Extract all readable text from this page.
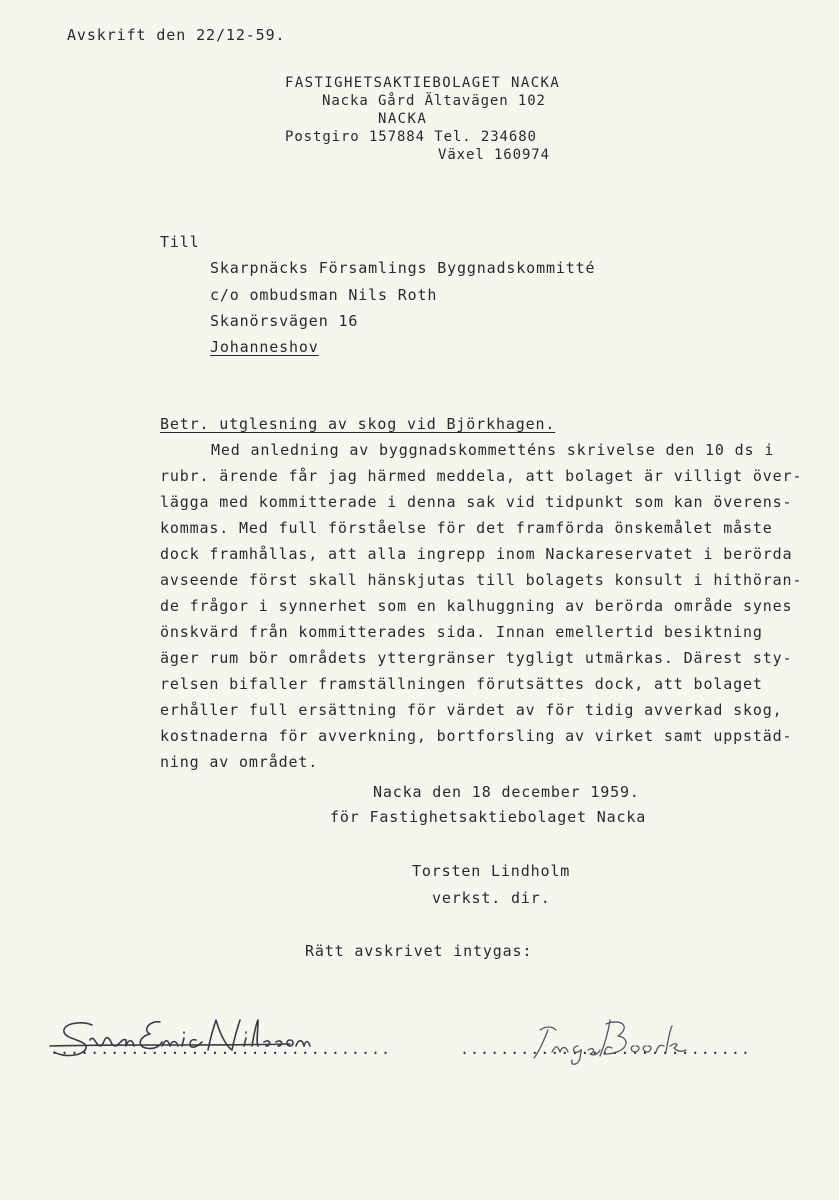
Avskrift den 22/12-59.
FASTIGHETSAKTIEBOLAGET NACKA
Nacka Gård Ältavägen 102
NACKA
Postgiro 157884 Tel. 234680
Växel 160974
Till
Skarpnäcks Församlings Byggnadskommitté
c/o ombudsman Nils Roth
Skanörsvägen 16
Johanneshov
Betr. utglesning av skog vid Björkhagen.
Med anledning av byggnadskommetténs skrivelse den 10 ds i
rubr. ärende får jag härmed meddela, att bolaget är villigt över-
lägga med kommitterade i denna sak vid tidpunkt som kan överens-
kommas. Med full förståelse för det framförda önskemålet måste
dock framhållas, att alla ingrepp inom Nackareservatet i berörda
avseende först skall hänskjutas till bolagets konsult i hithöran-
de frågor i synnerhet som en kalhuggning av berörda område synes
önskvärd från kommitterades sida. Innan emellertid besiktning
äger rum bör områdets yttergränser tygligt utmärkas. Därest sty-
relsen bifaller framställningen förutsättes dock, att bolaget
erhåller full ersättning för värdet av för tidig avverkad skog,
kostnaderna för avverkning, bortforsling av virket samt uppstäd-
ning av området.
Nacka den 18 december 1959.
för Fastighetsaktiebolaget Nacka
Torsten Lindholm
verkst. dir.
Rätt avskrivet intygas:
..................................	.............................
